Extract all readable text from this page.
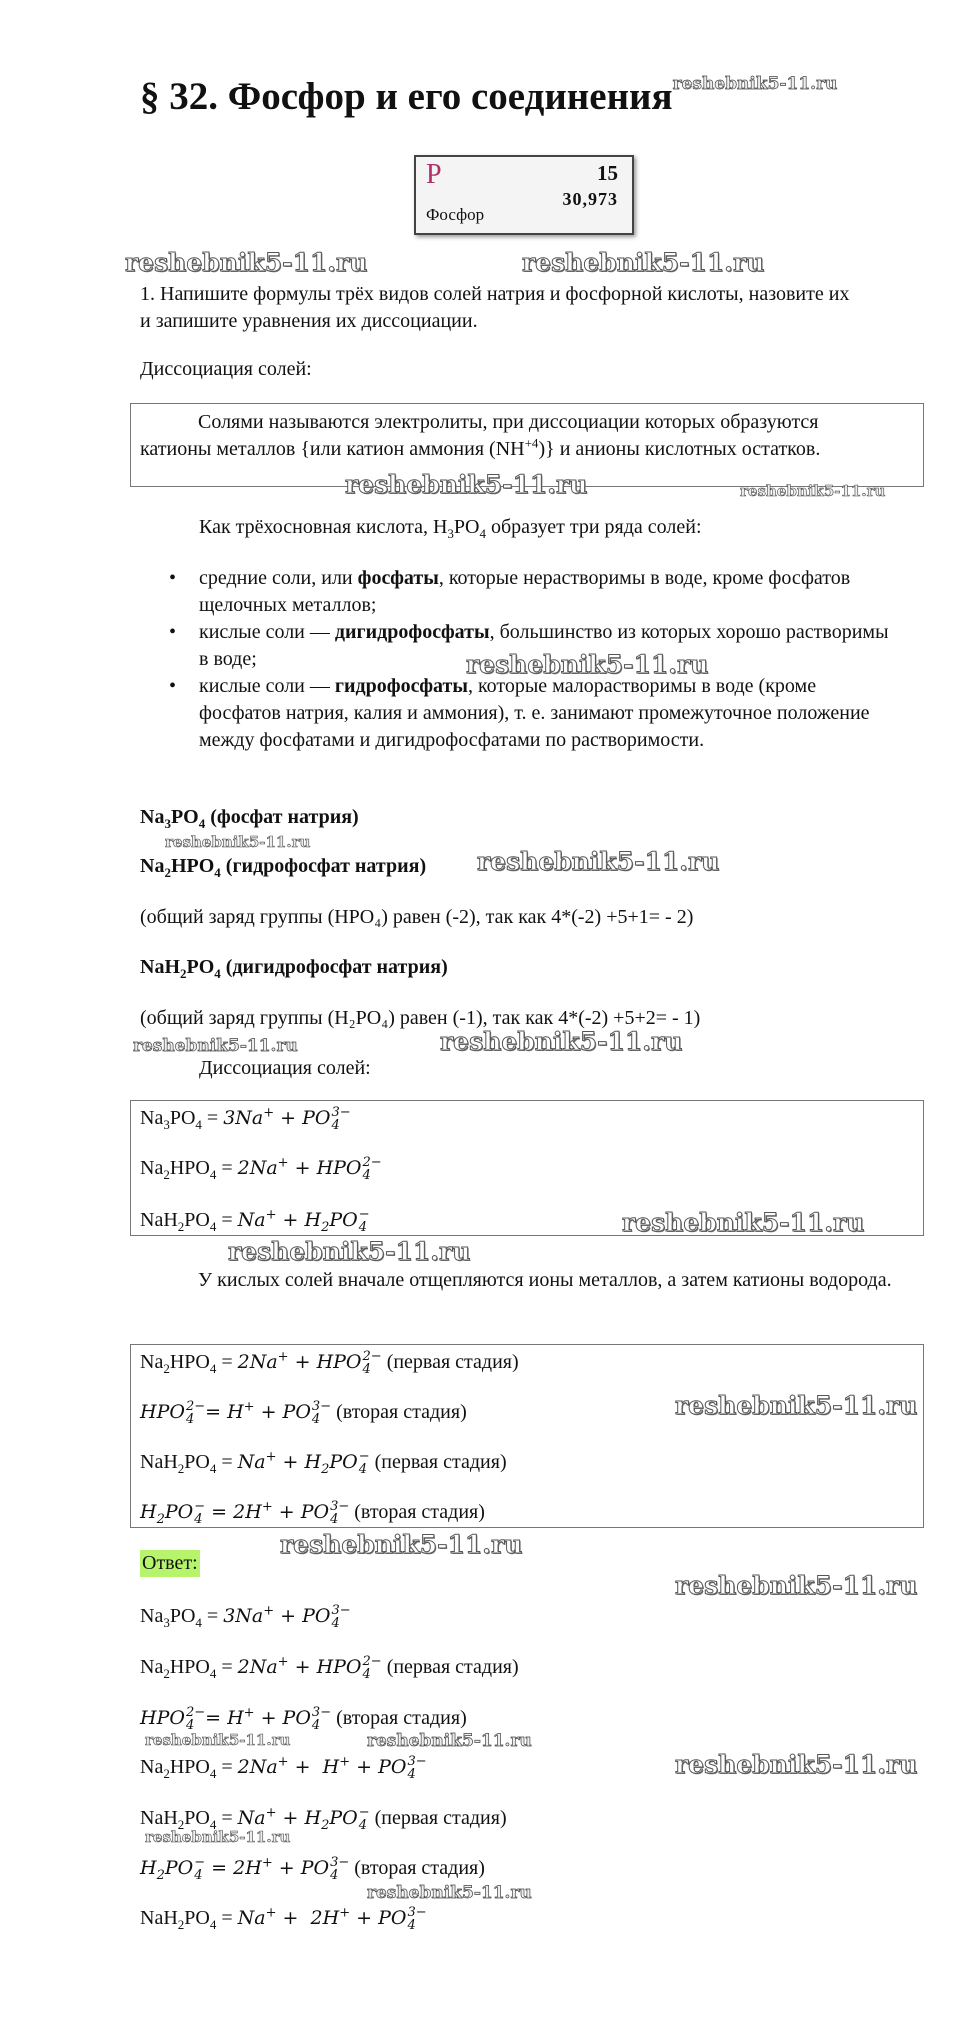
§ 32. Фосфор и его соединения$^{reshebnik5-11.ru}$
P	15
30,973
Фосфор
reshebnik5-11.ru	reshebnik5-11.ru
1. Напишите формулы трёх видов солей натрия и фосфорной кислоты, назовите их и запишите уравнения их диссоциации.
Диссоциация солей:
Солями называются электролиты, при диссоциации которых образуются катионы металлов {или катион аммония $(NH^{+4})$} и анионы кислотных остатков.
reshebnik5-11.ru	reshebnik5-11.ru
Как трёхосновная кислота, $H_3PO_4$ образует три ряда солей:
• средние соли, или фосфаты, которые нерастворимы в воде, кроме фосфатов щелочных металлов;
• кислые соли — дигидрофосфаты, большинство из которых хорошо растворимы в воде;
• кислые соли — гидрофосфаты, которые малорастворимы в воде (кроме фосфатов натрия, калия и аммония), т. е. занимают промежуточное положение между фосфатами и дигидрофосфатами по растворимости.
reshebnik5-11.ru
$Na_3PO_4$ (фосфат натрия)
reshebnik5-11.ru
$Na_2HPO_4$ (гидрофосфат натрия) reshebnik5-11.ru
(общий заряд группы (HPO₄) равен (-2), так как 4*(-2) +5+1= - 2)
$NaH_2PO_4$ (дигидрофосфат натрия)
(общий заряд группы (H₂PO₄) равен (-1), так как 4*(-2) +5+2= - 1)
reshebnik5-11.ru	reshebnik5-11.ru
Диссоциация солей:
$Na_3PO_4 = 3Na^+$ + PO 3−
4
$Na_2HPO_4 = 2Na^+$ + HPO 2−
4
$NaH_2PO_4 = Na^+ + H_2PO$ −
4	reshebnik5-11.ru
reshebnik5-11.ru
У кислых солей вначале отщепляются ионы металлов, а затем катионы водорода.
$Na_2HPO_4 = 2Na^+$ + HPO 2−
4 (первая стадия)
HPO 2−
4 = H+ + PO 3−
4 (вторая стадия)	reshebnik5-11.ru
$NaH_2PO_4 = Na^+ + H_2PO$ −
4 (первая стадия)
$H_2PO$ −
4 = 2H+ + PO 3−
4 (вторая стадия)
reshebnik5-11.ru
Ответ:
reshebnik5-11.ru
$Na_3PO_4 = 3Na^+$ + PO 3−
4
$Na_2HPO_4 = 2Na^+$ + HPO 2−
4 (первая стадия)
HPO 2−
4 = H+ + PO 3−
4 (вторая стадия)
reshebnik5-11.ru	reshebnik5-11.ru
$Na_2HPO_4 = 2Na^+ + H^+$ + PO 3−
4	reshebnik5-11.ru
$NaH_2PO_4 = Na^+ + H_2PO$ −
4 (первая стадия)
reshebnik5-11.ru
$H_2PO$ −
4 = 2H+ + PO 3−
4 (вторая стадия)
reshebnik5-11.ru
$NaH_2PO_4 = Na^+ + 2H^+$ + PO 3−
4
